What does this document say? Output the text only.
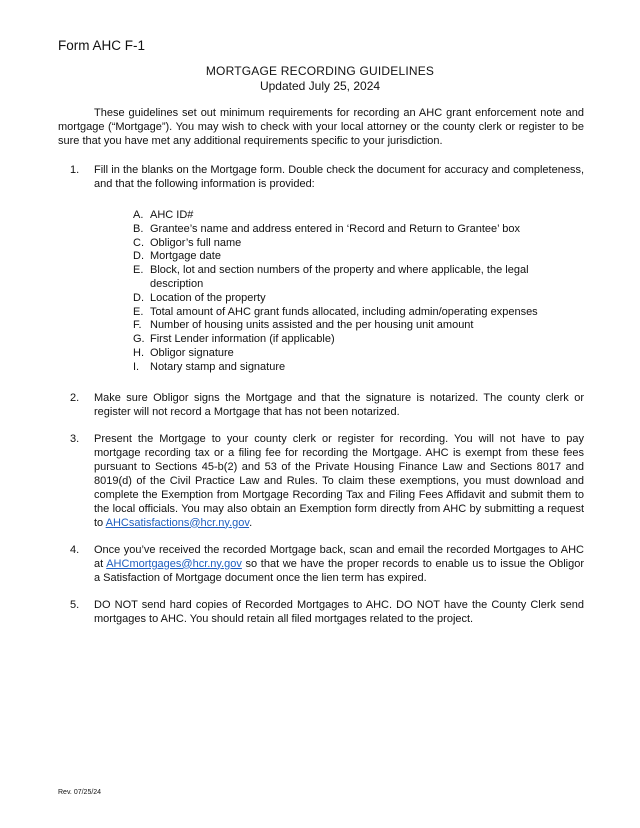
Form AHC F-1
MORTGAGE RECORDING GUIDELINES
Updated July 25, 2024

These guidelines set out minimum requirements for recording an AHC grant enforcement note and mortgage (“Mortgage”). You may wish to check with your local attorney or the county clerk or register to be sure that you have met any additional requirements specific to your jurisdiction.

1. Fill in the blanks on the Mortgage form. Double check the document for accuracy and completeness, and that the following information is provided:
A. AHC ID#
B. Grantee’s name and address entered in ‘Record and Return to Grantee’ box
C. Obligor’s full name
D. Mortgage date
E. Block, lot and section numbers of the property and where applicable, the legal description
D. Location of the property
E. Total amount of AHC grant funds allocated, including admin/operating expenses
F. Number of housing units assisted and the per housing unit amount
G. First Lender information (if applicable)
H. Obligor signature
I. Notary stamp and signature
2. Make sure Obligor signs the Mortgage and that the signature is notarized. The county clerk or register will not record a Mortgage that has not been notarized.
3. Present the Mortgage to your county clerk or register for recording. You will not have to pay mortgage recording tax or a filing fee for recording the Mortgage. AHC is exempt from these fees pursuant to Sections 45-b(2) and 53 of the Private Housing Finance Law and Sections 8017 and 8019(d) of the Civil Practice Law and Rules. To claim these exemptions, you must download and complete the Exemption from Mortgage Recording Tax and Filing Fees Affidavit and submit them to the local officials. You may also obtain an Exemption form directly from AHC by submitting a request to AHCsatisfactions@hcr.ny.gov.
4. Once you’ve received the recorded Mortgage back, scan and email the recorded Mortgages to AHC at AHCmortgages@hcr.ny.gov so that we have the proper records to enable us to issue the Obligor a Satisfaction of Mortgage document once the lien term has expired.
5. DO NOT send hard copies of Recorded Mortgages to AHC. DO NOT have the County Clerk send mortgages to AHC. You should retain all filed mortgages related to the project.
Rev. 07/25/24
